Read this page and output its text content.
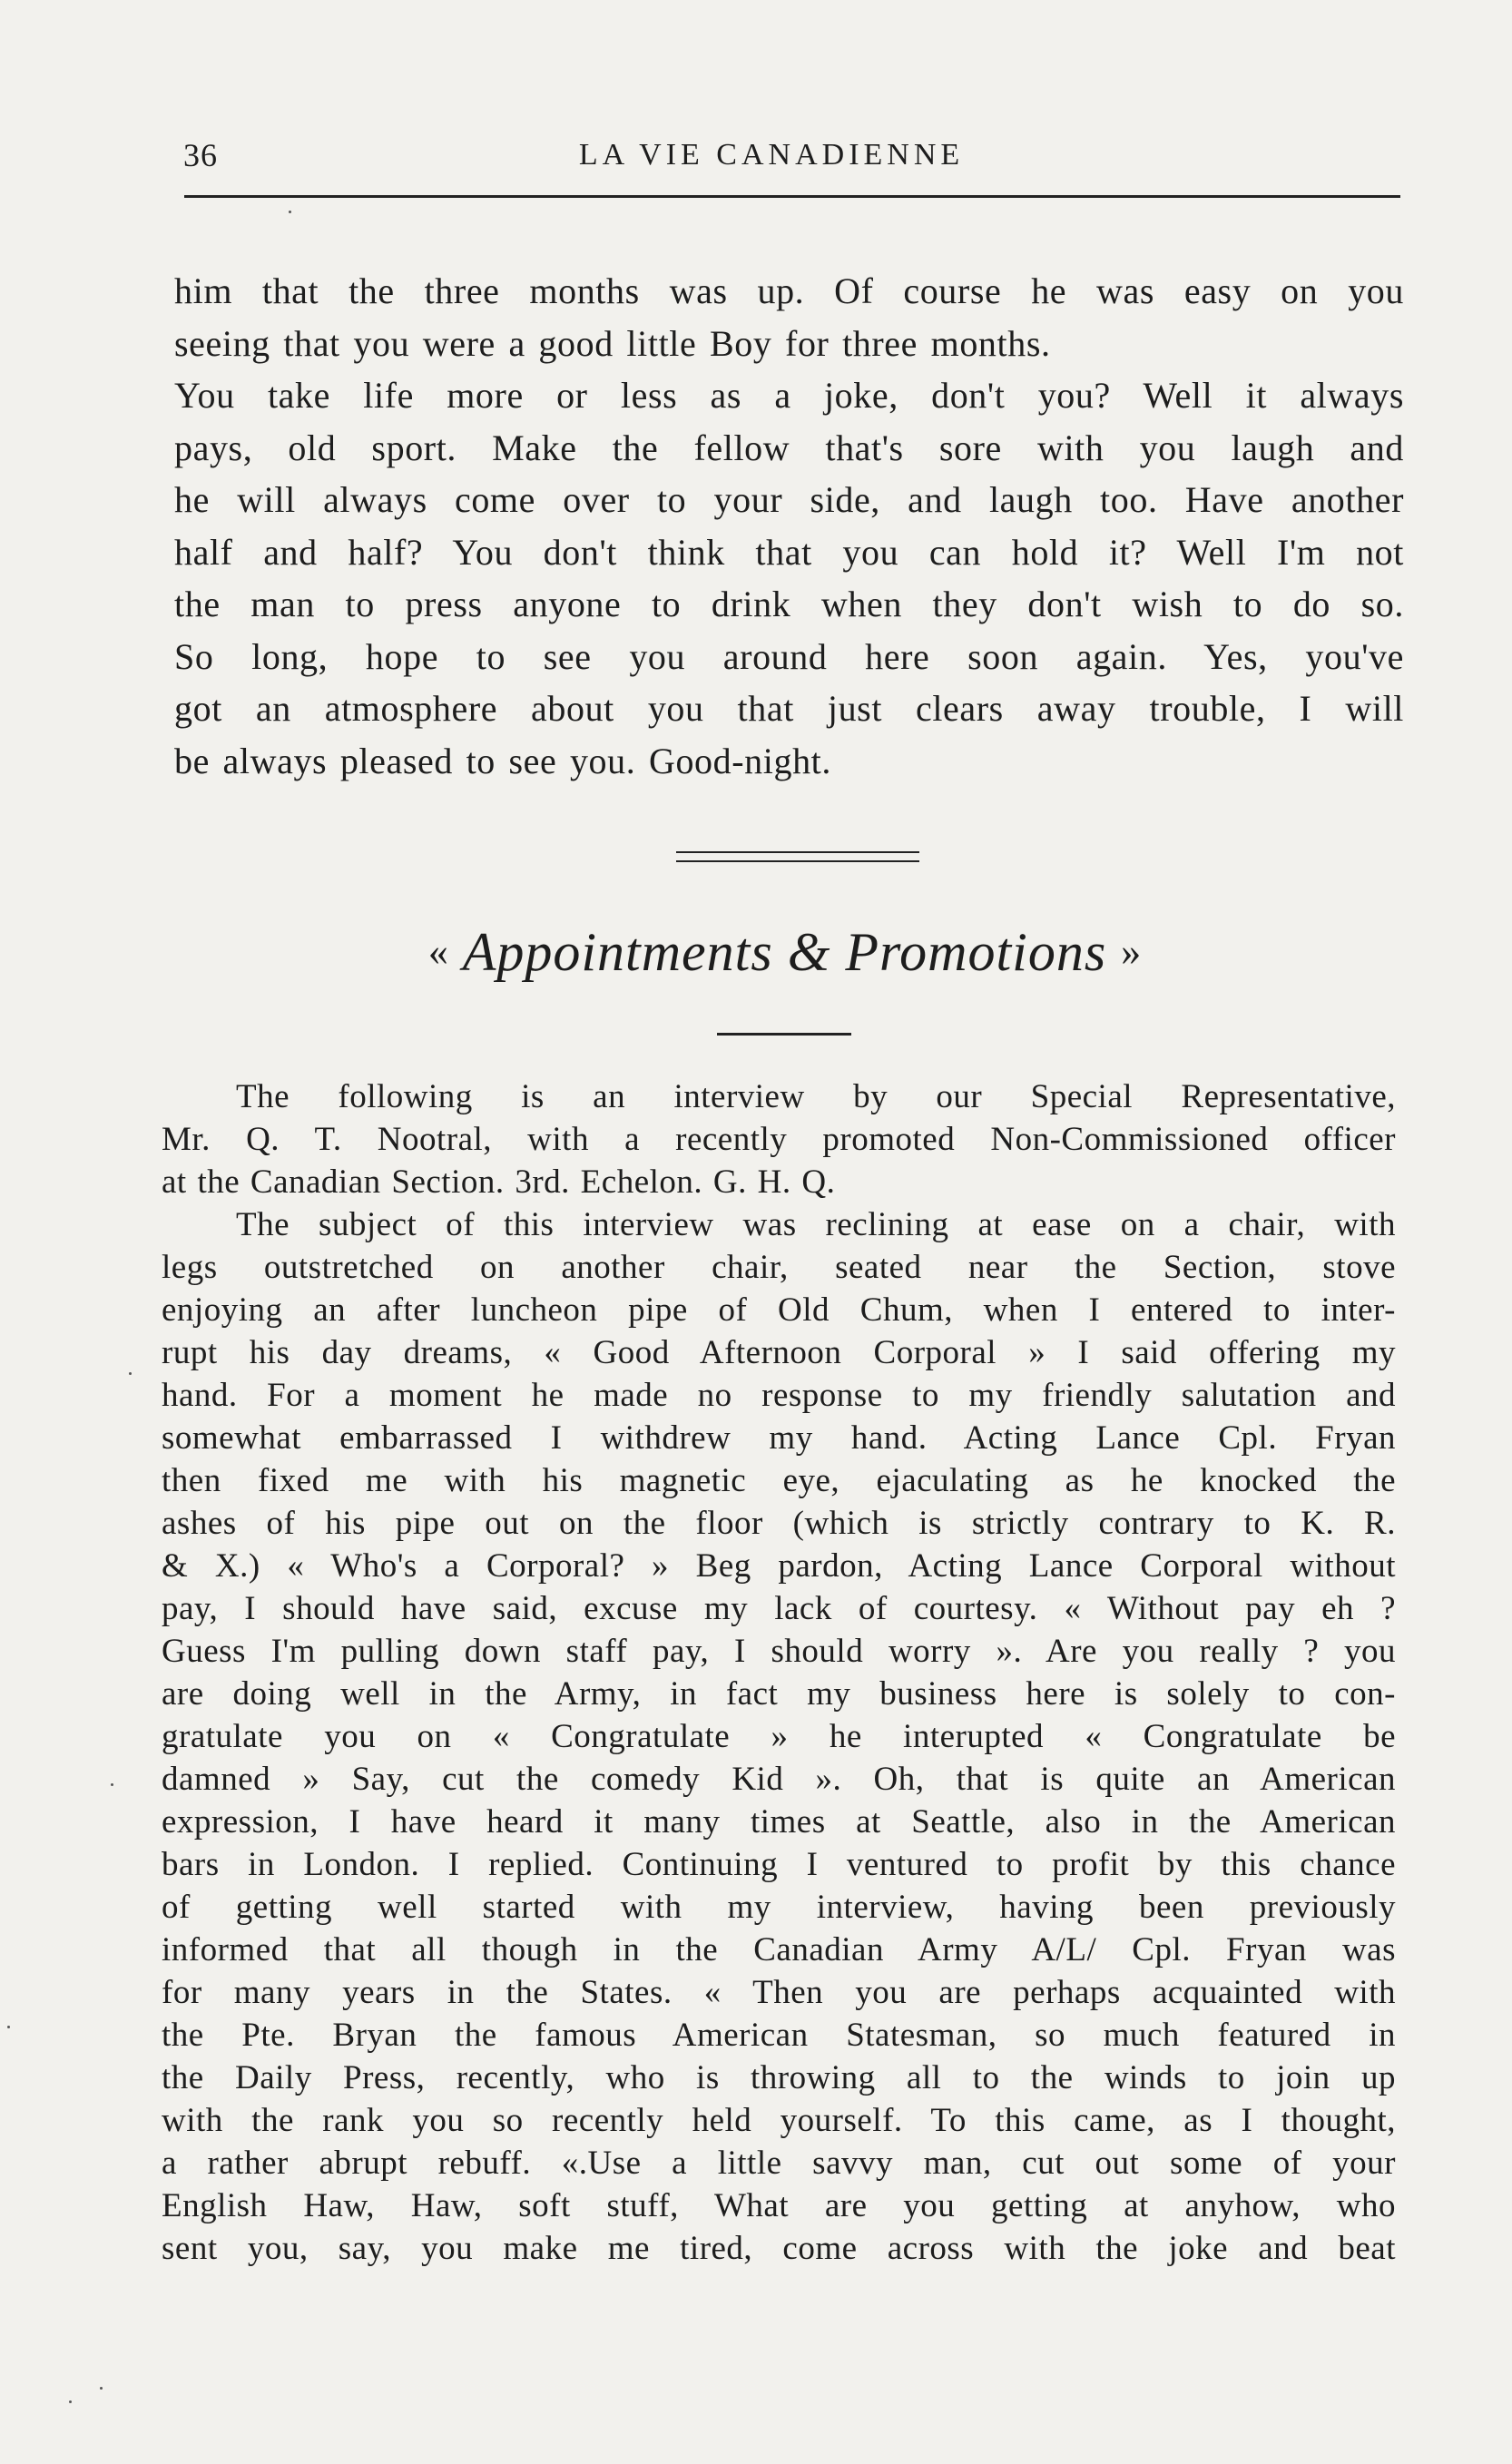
36	LA VIE CANADIENNE

him that the three months was up. Of course he was easy on you

seeing that you were a good little Boy for three months.

You take life more or less as a joke, don't you? Well it always

pays, old sport. Make the fellow that's sore with you laugh and

he will always come over to your side, and laugh too. Have another

half and half? You don't think that you can hold it? Well I'm not

the man to press anyone to drink when they don't wish to do so.

So long, hope to see you around here soon again. Yes, you've

got an atmosphere about you that just clears away trouble, I will

be always pleased to see you. Good-night.

« Appointments & Promotions »
The following is an interview by our Special Representative,
Mr. Q. T. Nootral, with a recently promoted Non-Commissioned officer
at the Canadian Section. 3rd. Echelon. G. H. Q.
The subject of this interview was reclining at ease on a chair, with
legs outstretched on another chair, seated near the Section, stove
enjoying an after luncheon pipe of Old Chum, when I entered to inter-
rupt his day dreams, « Good Afternoon Corporal » I said offering my
hand. For a moment he made no response to my friendly salutation and
somewhat embarrassed I withdrew my hand. Acting Lance Cpl. Fryan
then fixed me with his magnetic eye, ejaculating as he knocked the
ashes of his pipe out on the floor (which is strictly contrary to K. R.
& X.) « Who's a Corporal? » Beg pardon, Acting Lance Corporal without
pay, I should have said, excuse my lack of courtesy. « Without pay eh ?
Guess I'm pulling down staff pay, I should worry ». Are you really ? you
are doing well in the Army, in fact my business here is solely to con-
gratulate you on « Congratulate » he interupted « Congratulate be
damned » Say, cut the comedy Kid ». Oh, that is quite an American
expression, I have heard it many times at Seattle, also in the American
bars in London. I replied. Continuing I ventured to profit by this chance
of getting well started with my interview, having been previously
informed that all though in the Canadian Army A/L/ Cpl. Fryan was
for many years in the States. « Then you are perhaps acquainted with
the Pte. Bryan the famous American Statesman, so much featured in
the Daily Press, recently, who is throwing all to the winds to join up
with the rank you so recently held yourself. To this came, as I thought,
a rather abrupt rebuff. «.Use a little savvy man, cut out some of your
English Haw, Haw, soft stuff, What are you getting at anyhow, who
sent you, say, you make me tired, come across with the joke and beat
